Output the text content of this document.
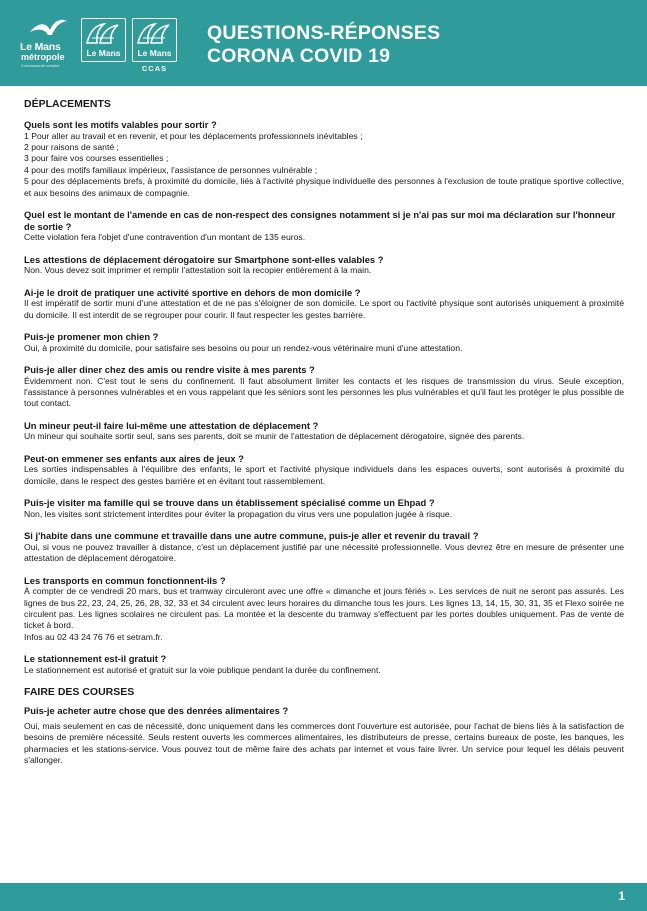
Le Mans
métropole
Communauté urbaine
Le Mans	Le Mans
CCAS
QUESTIONS-RÉPONSES
CORONA COVID 19
DÉPLACEMENTS
Quels sont les motifs valables pour sortir ?

1 Pour aller au travail et en revenir, et pour les déplacements professionnels inévitables ;

2 pour raisons de santé ;

3 pour faire vos courses essentielles ;

4 pour des motifs familiaux impérieux, l'assistance de personnes vulnérable ;

5 pour des déplacements brefs, à proximité du domicile, liés à l'activité physique individuelle des personnes à l'exclusion de toute pratique sportive collective, et aux besoins des animaux de compagnie.

Quel est le montant de l'amende en cas de non-respect des consignes notamment si je n'ai pas sur moi ma déclaration sur l'honneur de sortie ?

Cette violation fera l'objet d'une contravention d'un montant de 135 euros.

Les attestions de déplacement dérogatoire sur Smartphone sont-elles valables ?

Non. Vous devez soit imprimer et remplir l'attestation soit la recopier entièrement à la main.

Ai-je le droit de pratiquer une activité sportive en dehors de mon domicile ?

Il est impératif de sortir muni d'une attestation et de ne pas s'éloigner de son domicile. Le sport ou l'activité physique sont autorisés uniquement à proximité du domicile. Il est interdit de se regrouper pour courir. Il faut respecter les gestes barrière.

Puis-je promener mon chien ?

Oui, à proximité du domicile, pour satisfaire ses besoins ou pour un rendez-vous vétérinaire muni d'une attestation.

Puis-je aller diner chez des amis ou rendre visite à mes parents ?

Évidemment non. C'est tout le sens du confinement. Il faut absolument limiter les contacts et les risques de transmission du virus. Seule exception, l'assistance à personnes vulnérables et en vous rappelant que les séniors sont les personnes les plus vulnérables et qu'il faut les protéger le plus possible de tout contact.

Un mineur peut-il faire lui-même une attestation de déplacement ?

Un mineur qui souhaite sortir seul, sans ses parents, doit se munir de l'attestation de déplacement dérogatoire, signée des parents.

Peut-on emmener ses enfants aux aires de jeux ?

Les sorties indispensables à l'équilibre des enfants, le sport et l'activité physique individuels dans les espaces ouverts, sont autorisés à proximité du domicile, dans le respect des gestes barrière et en évitant tout rassemblement.

Puis-je visiter ma famille qui se trouve dans un établissement spécialisé comme un Ehpad ?

Non, les visites sont strictement interdites pour éviter la propagation du virus vers une population jugée à risque.

Si j'habite dans une commune et travaille dans une autre commune, puis-je aller et revenir du travail ?

Oui, si vous ne pouvez travailler à distance, c'est un déplacement justifié par une nécessité professionnelle. Vous devrez être en mesure de présenter une attestation de déplacement dérogatoire.

Les transports en commun fonctionnent-ils ?

À compter de ce vendredi 20 mars, bus et tramway circuleront avec une offre « dimanche et jours fériés ». Les services de nuit ne seront pas assurés. Les lignes de bus 22, 23, 24, 25, 26, 28, 32, 33 et 34 circulent avec leurs horaires du dimanche tous les jours. Les lignes 13, 14, 15, 30, 31, 35 et Flexo soirée ne circulent pas. Les lignes scolaires ne circulent pas. La montée et la descente du tramway s'effectuent par les portes doubles uniquement. Pas de vente de ticket à bord.

Infos au 02 43 24 76 76 et setram.fr.

Le stationnement est-il gratuit ?

Le stationnement est autorisé et gratuit sur la voie publique pendant la durée du confinement.

FAIRE DES COURSES
Puis-je acheter autre chose que des denrées alimentaires ?

Oui, mais seulement en cas de nécessité, donc uniquement dans les commerces dont l'ouverture est autorisée, pour l'achat de biens liés à la satisfaction de besoins de première nécessité. Seuls restent ouverts les commerces alimentaires, les distributeurs de presse, certains bureaux de poste, les banques, les pharmacies et les stations-service. Vous pouvez tout de même faire des achats par internet et vous faire livrer. Un service pour lequel les délais peuvent s'allonger.

1
